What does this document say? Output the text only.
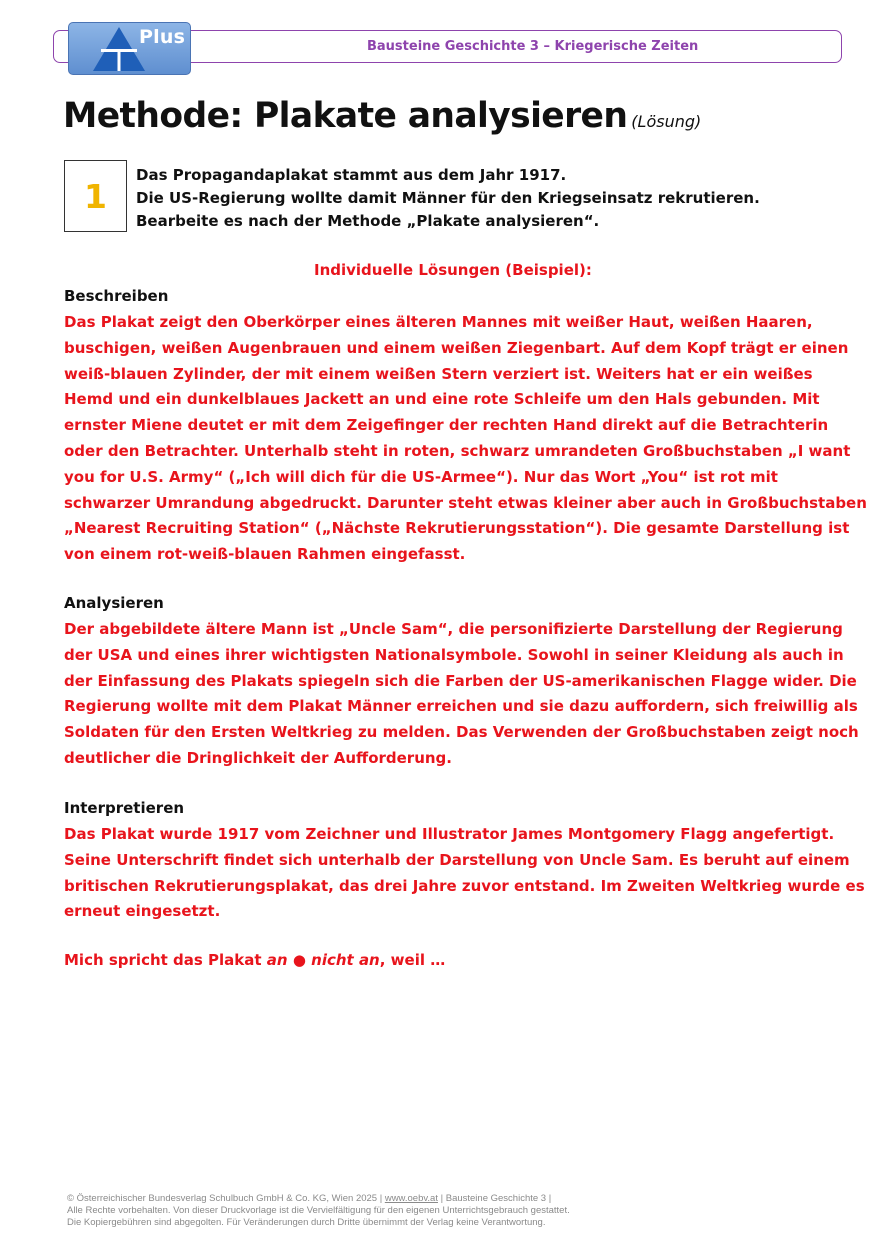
Bausteine Geschichte 3 – Kriegerische Zeiten
Plus
Methode: Plakate analysieren (Lösung)
1
Das Propagandaplakat stammt aus dem Jahr 1917.
Die US-Regierung wollte damit Männer für den Kriegseinsatz rekrutieren.
Bearbeite es nach der Methode „Plakate analysieren“.
Individuelle Lösungen (Beispiel):
Beschreiben
Das Plakat zeigt den Oberkörper eines älteren Mannes mit weißer Haut, weißen Haaren,
buschigen, weißen Augenbrauen und einem weißen Ziegenbart. Auf dem Kopf trägt er einen
weiß-blauen Zylinder, der mit einem weißen Stern verziert ist. Weiters hat er ein weißes
Hemd und ein dunkelblaues Jackett an und eine rote Schleife um den Hals gebunden. Mit
ernster Miene deutet er mit dem Zeigefinger der rechten Hand direkt auf die Betrachterin
oder den Betrachter. Unterhalb steht in roten, schwarz umrandeten Großbuchstaben „I want
you for U.S. Army“ („Ich will dich für die US-Armee“). Nur das Wort „You“ ist rot mit
schwarzer Umrandung abgedruckt. Darunter steht etwas kleiner aber auch in Großbuchstaben
„Nearest Recruiting Station“ („Nächste Rekrutierungsstation“). Die gesamte Darstellung ist
von einem rot-weiß-blauen Rahmen eingefasst.
Analysieren
Der abgebildete ältere Mann ist „Uncle Sam“, die personifizierte Darstellung der Regierung
der USA und eines ihrer wichtigsten Nationalsymbole. Sowohl in seiner Kleidung als auch in
der Einfassung des Plakats spiegeln sich die Farben der US-amerikanischen Flagge wider. Die
Regierung wollte mit dem Plakat Männer erreichen und sie dazu auffordern, sich freiwillig als
Soldaten für den Ersten Weltkrieg zu melden. Das Verwenden der Großbuchstaben zeigt noch
deutlicher die Dringlichkeit der Aufforderung.
Interpretieren
Das Plakat wurde 1917 vom Zeichner und Illustrator James Montgomery Flagg angefertigt.
Seine Unterschrift findet sich unterhalb der Darstellung von Uncle Sam. Es beruht auf einem
britischen Rekrutierungsplakat, das drei Jahre zuvor entstand. Im Zweiten Weltkrieg wurde es
erneut eingesetzt.
Mich spricht das Plakat an ● nicht an, weil …
© Österreichischer Bundesverlag Schulbuch GmbH & Co. KG, Wien 2025 | www.oebv.at | Bausteine Geschichte 3 |
Alle Rechte vorbehalten. Von dieser Druckvorlage ist die Vervielfältigung für den eigenen Unterrichtsgebrauch gestattet.
Die Kopiergebühren sind abgegolten. Für Veränderungen durch Dritte übernimmt der Verlag keine Verantwortung.
